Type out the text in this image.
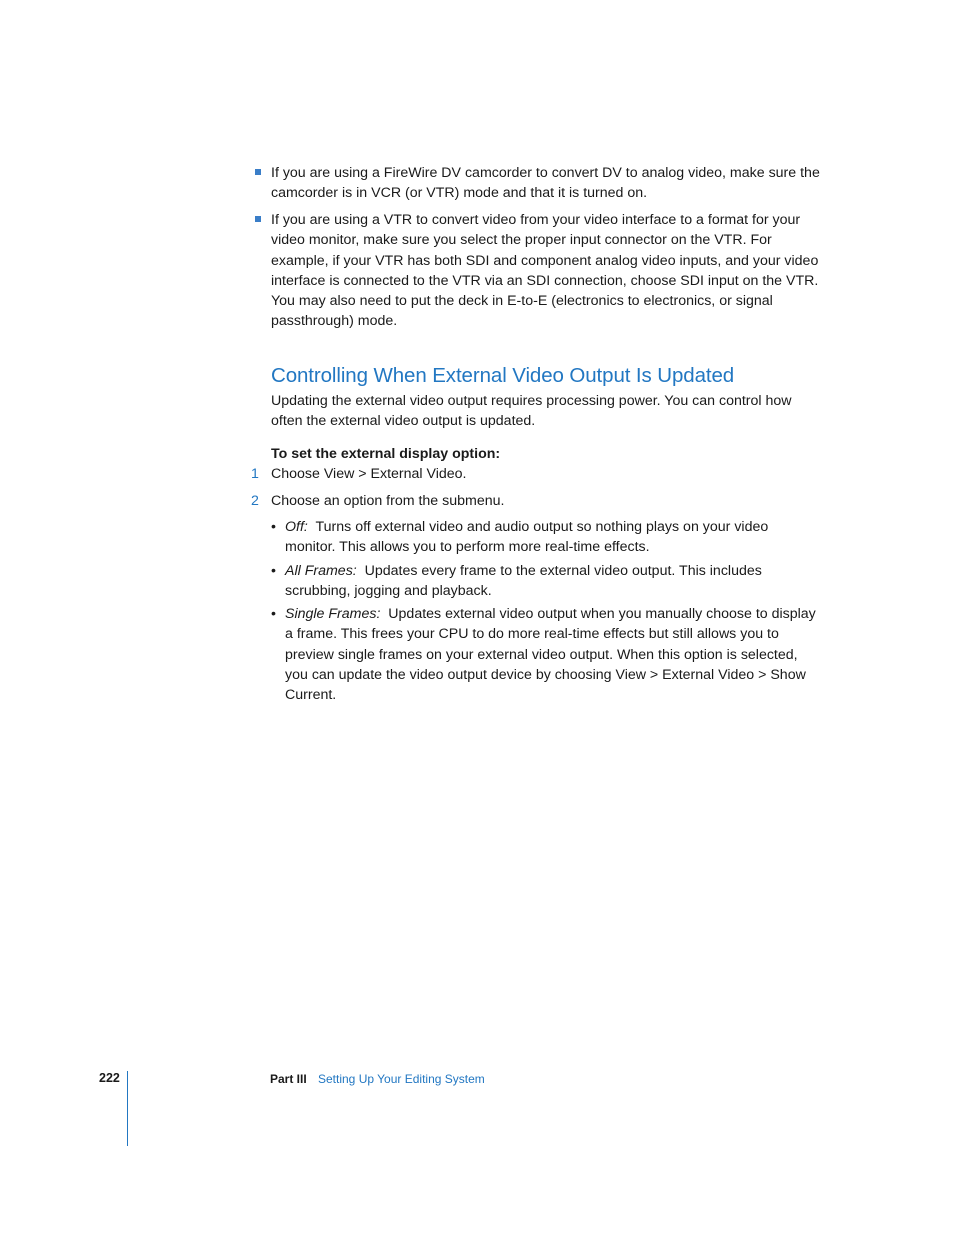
If you are using a FireWire DV camcorder to convert DV to analog video, make sure the camcorder is in VCR (or VTR) mode and that it is turned on.
If you are using a VTR to convert video from your video interface to a format for your video monitor, make sure you select the proper input connector on the VTR. For example, if your VTR has both SDI and component analog video inputs, and your video interface is connected to the VTR via an SDI connection, choose SDI input on the VTR. You may also need to put the deck in E-to-E (electronics to electronics, or signal passthrough) mode.
Controlling When External Video Output Is Updated
Updating the external video output requires processing power. You can control how often the external video output is updated.
To set the external display option:
1 Choose View > External Video.
2 Choose an option from the submenu.
• Off: Turns off external video and audio output so nothing plays on your video monitor. This allows you to perform more real-time effects.
• All Frames: Updates every frame to the external video output. This includes scrubbing, jogging and playback.
• Single Frames: Updates external video output when you manually choose to display a frame. This frees your CPU to do more real-time effects but still allows you to preview single frames on your external video output. When this option is selected, you can update the video output device by choosing View > External Video > Show Current.
222	Part III Setting Up Your Editing System
